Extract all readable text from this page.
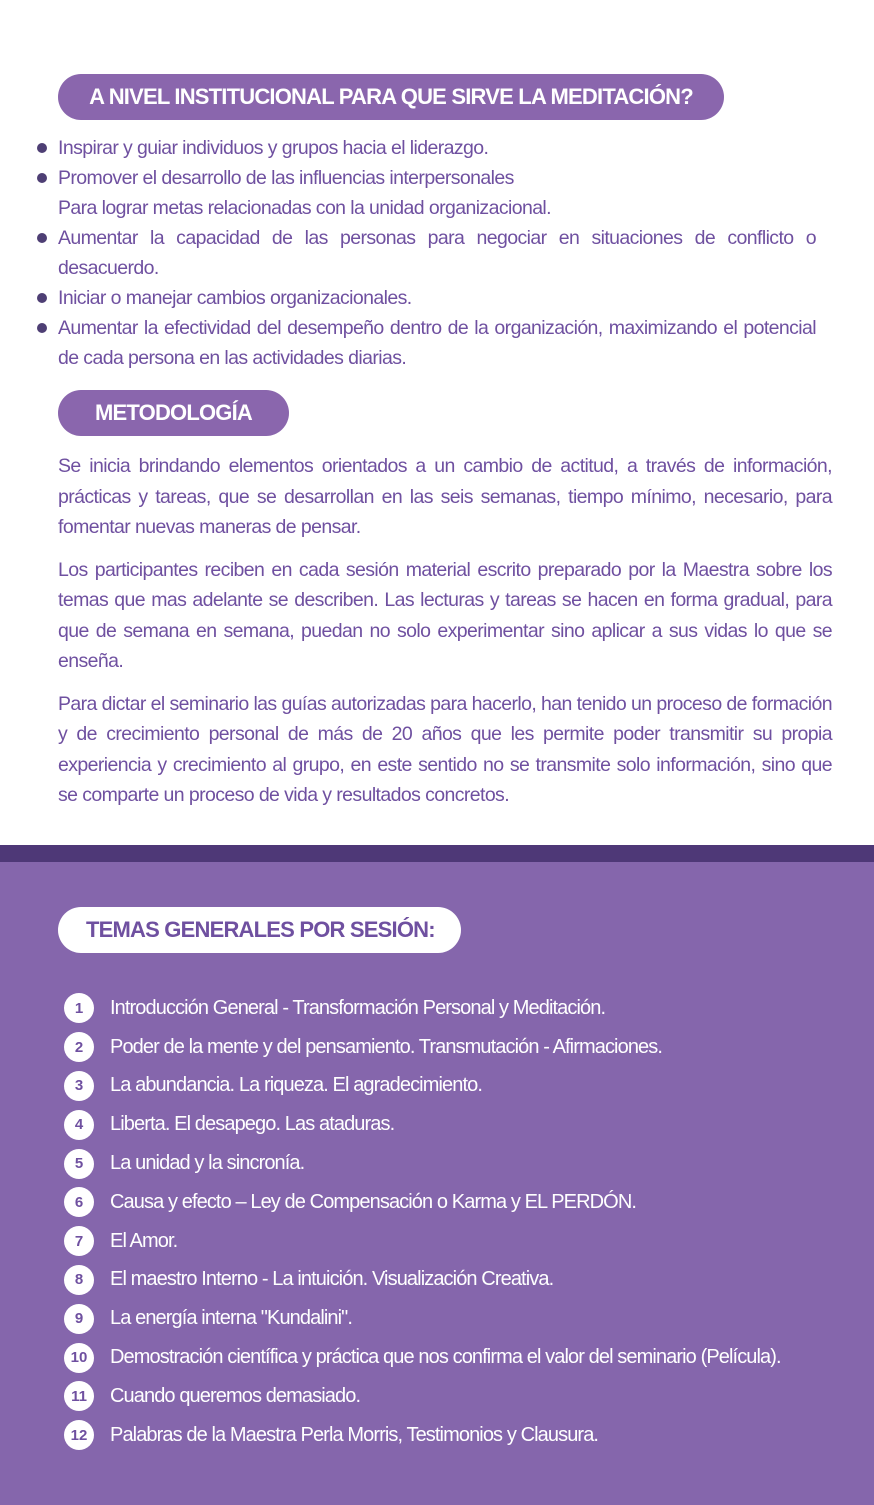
A NIVEL INSTITUCIONAL PARA QUE SIRVE LA MEDITACIÓN?
Inspirar y guiar individuos y grupos hacia el liderazgo.
Promover el desarrollo de las influencias interpersonales
Para lograr metas relacionadas con la unidad organizacional.
Aumentar la capacidad de las personas para negociar en situaciones de conflicto o desacuerdo.
Iniciar o manejar cambios organizacionales.
Aumentar la efectividad del desempeño dentro de la organización, maximizando el potencial de cada persona en las actividades diarias.
METODOLOGÍA

Se inicia brindando elementos orientados a un cambio de actitud, a través de información, prácticas y tareas, que se desarrollan en las seis semanas, tiempo mínimo, necesario, para fomentar nuevas maneras de pensar.

Los participantes reciben en cada sesión material escrito preparado por la Maestra sobre los temas que mas adelante se describen. Las lecturas y tareas se hacen en forma gradual, para que de semana en semana, puedan no solo experimentar sino aplicar a sus vidas lo que se enseña.

Para dictar el seminario las guías autorizadas para hacerlo, han tenido un proceso de formación y de crecimiento personal de más de 20 años que les permite poder transmitir su propia experiencia y crecimiento al grupo, en este sentido no se transmite solo información, sino que se comparte un proceso de vida y resultados concretos.

TEMAS GENERALES POR SESIÓN:
1	Introducción General - Transformación Personal y Meditación.
2	Poder de la mente y del pensamiento. Transmutación - Afirmaciones.
3	La abundancia. La riqueza. El agradecimiento.
4	Liberta. El desapego. Las ataduras.
5	La unidad y la sincronía.
6	Causa y efecto – Ley de Compensación o Karma y EL PERDÓN.
7	El Amor.
8	El maestro Interno - La intuición. Visualización Creativa.
9	La energía interna "Kundalini".
10	Demostración científica y práctica que nos confirma el valor del seminario (Película).
11	Cuando queremos demasiado.
12	Palabras de la Maestra Perla Morris, Testimonios y Clausura.
